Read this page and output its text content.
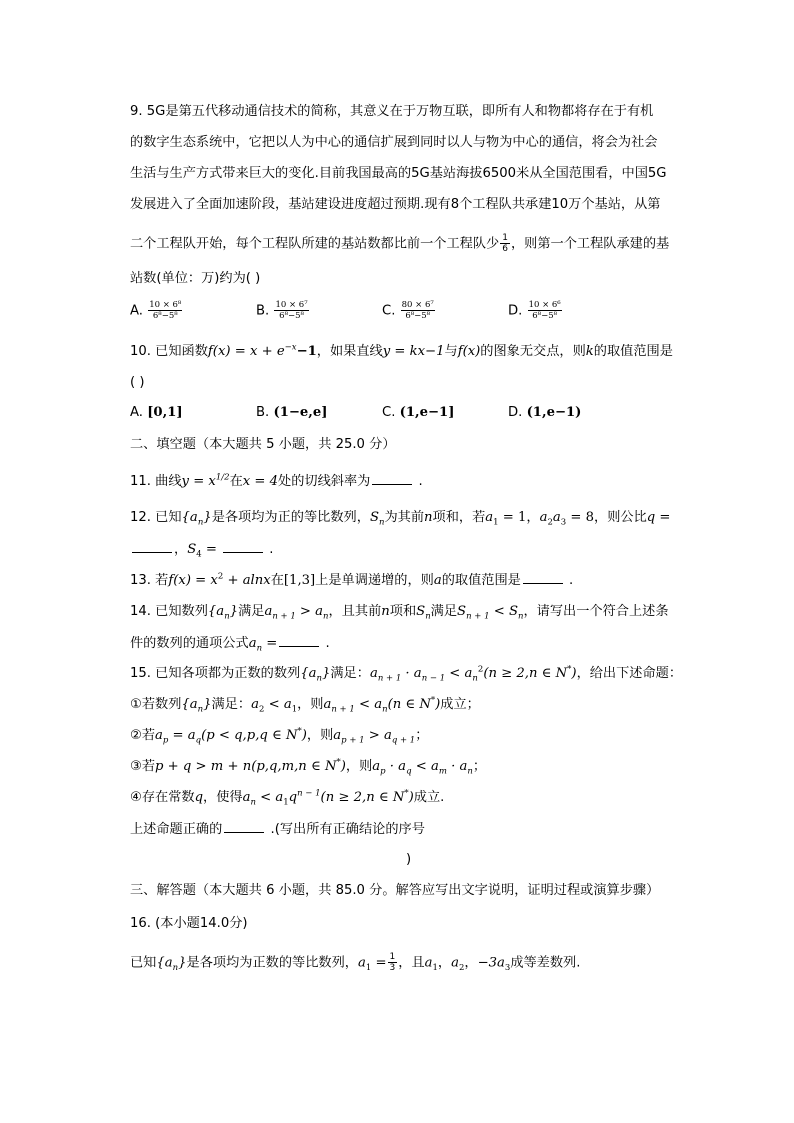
9. 5G是第五代移动通信技术的简称，其意义在于万物互联，即所有人和物都将存在于有机
的数字生态系统中，它把以人为中心的通信扩展到同时以人与物为中心的通信，将会为社会
生活与生产方式带来巨大的变化.目前我国最高的5G基站海拔6500米从全国范围看，中国5G
发展进入了全面加速阶段，基站建设进度超过预期.现有8个工程队共承建10万个基站，从第
二个工程队开始，每个工程队所建的基站数都比前一个工程队少 $\frac{1}{6}$ ，则第一个工程队承建的基
站数(单位：万)约为( )
A. $\frac{\text{10 × 6⁸}}{\text{6⁸−5⁸}}$	B. $\frac{\text{10 × 6⁷}}{\text{6⁸−5⁸}}$	C. $\frac{\text{80 × 6⁷}}{\text{6⁸−5⁸}}$	D. $\frac{\text{10 × 6⁶}}{\text{6⁸−5⁸}}$
10. 已知函数$f(x) = x + e^{-x}-1$，如果直线y = kx−1与f(x)的图象无交点，则k的取值范围是
( )
A. [0,1]	B. (1−e,e]	C. (1,e−1]	D. (1,e−1)
二、填空题（本大题共 5 小题，共 25.0 分）
11. 曲线$y = x^{1/2}$在x = 4处的切线斜率为	.
12. 已知$\{a_n\}$是各项均为正的等比数列，$S_n$为其前n项和，若$a_1 = 1$，$a_2a_3 = 8$，则公比q =
，$S_4$ =	.
13. 若$f(x) = x^2 + alnx$在[1,3]上是单调递增的，则a的取值范围是	.
14. 已知数列$\{a_n\}$满足$a_{n + 1} > a_n$，且其前n项和$S_n$满足$S_{n + 1} < S_n$，请写出一个符合上述条
件的数列的通项公式$a_n$ =	.
15. 已知各项都为正数的数列$\{a_n\}$满足：$a_{n + 1} \cdot a_{n - 1} < a_n^2(n \ge 2,n$ ∈ N*)，给出下述命题：
①若数列$\{a_n\}$满足：$a_2 < a_1$，则$a_{n + 1} < a_n(n$ ∈ N*)成立；
②若$a_p = a_q(p < q,p,q$ ∈ N*)，则$a_{p + 1} > a_{q + 1}$；
③若p + q > m + n(p,q,m,n ∈ N*)，则$a_p \cdot a_q < a_m \cdot a_n$；
④存在常数q，使得$a_n < a_1q^{n - 1}(n \ge 2,n$ ∈ N*)成立.
上述命题正确的	.(写出所有正确结论的序号
)
三、解答题（本大题共 6 小题，共 85.0 分。解答应写出文字说明，证明过程或演算步骤）
16. (本小题14.0分)
已知$\{a_n\}$是各项均为正数的等比数列，$a_1 = \frac{1}{3}$ ，且$a_1$，$a_2$，$-3a_3$成等差数列.
